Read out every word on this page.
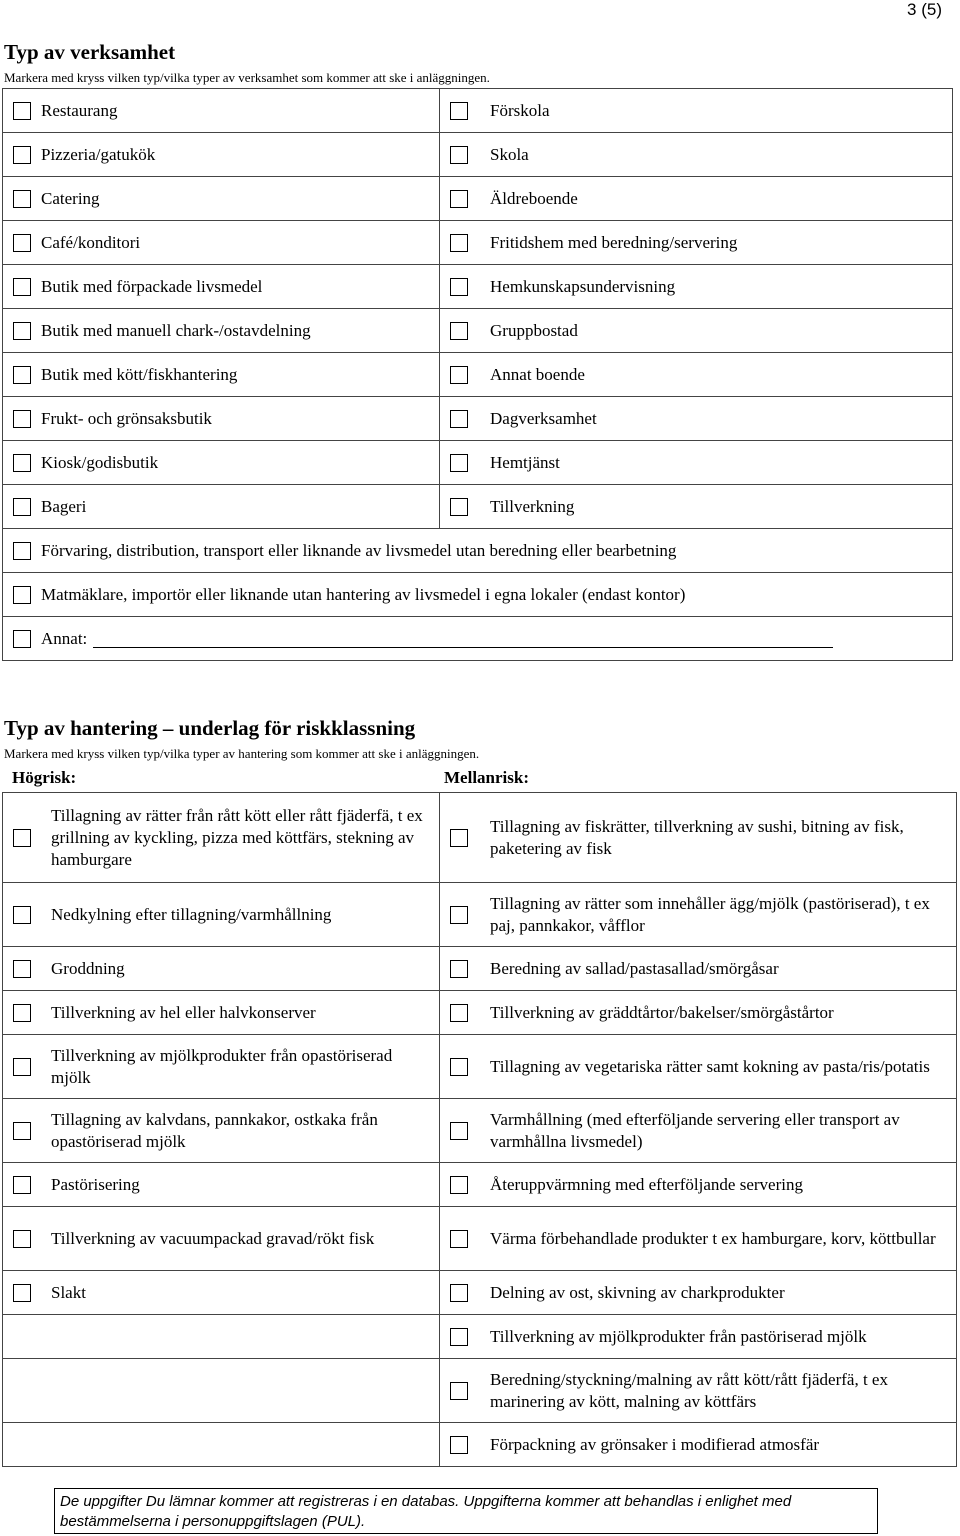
3 (5)
Typ av verksamhet
Markera med kryss vilken typ/vilka typer av verksamhet som kommer att ske i anläggningen.
Restaurang	Förskola

Pizzeria/gatukök	Skola

Catering	Äldreboende

Café/konditori	Fritidshem med beredning/servering

Butik med förpackade livsmedel	Hemkunskapsundervisning

Butik med manuell chark-/ostavdelning	Gruppbostad

Butik med kött/fiskhantering	Annat boende

Frukt- och grönsaksbutik	Dagverksamhet

Kiosk/godisbutik	Hemtjänst

Bageri	Tillverkning

Förvaring, distribution, transport eller liknande av livsmedel utan beredning eller bearbetning	

Matmäklare, importör eller liknande utan hantering av livsmedel i egna lokaler (endast kontor)	

Annat:	
Typ av hantering – underlag för riskklassning
Markera med kryss vilken typ/vilka typer av hantering som kommer att ske i anläggningen.
Högrisk:	Mellanrisk:
Tillagning av rätter från rått kött eller rått fjäderfä, t ex grillning av kyckling, pizza med köttfärs, stekning av hamburgare	Tillagning av fiskrätter, tillverkning av sushi, bitning av fisk, paketering av fisk

Nedkylning efter tillagning/varmhållning	Tillagning av rätter som innehåller ägg/mjölk (pastöriserad), t ex paj, pannkakor, våfflor

Groddning	Beredning av sallad/pastasallad/smörgåsar

Tillverkning av hel eller halvkonserver	Tillverkning av gräddtårtor/bakelser/smörgåstårtor

Tillverkning av mjölkprodukter från opastöriserad mjölk	Tillagning av vegetariska rätter samt kokning av pasta/ris/potatis

Tillagning av kalvdans, pannkakor, ostkaka från opastöriserad mjölk	Varmhållning (med efterföljande servering eller transport av varmhållna livsmedel)

Pastörisering	Återuppvärmning med efterföljande servering

Tillverkning av vacuumpackad gravad/rökt fisk	Värma förbehandlade produkter t ex hamburgare, korv, köttbullar

Slakt	Delning av ost, skivning av charkprodukter

	Tillverkning av mjölkprodukter från pastöriserad mjölk

	Beredning/styckning/malning av rått kött/rått fjäderfä, t ex marinering av kött, malning av köttfärs

	Förpackning av grönsaker i modifierad atmosfär
De uppgifter Du lämnar kommer att registreras i en databas. Uppgifterna kommer att behandlas i enlighet med bestämmelserna i personuppgiftslagen (PUL).
